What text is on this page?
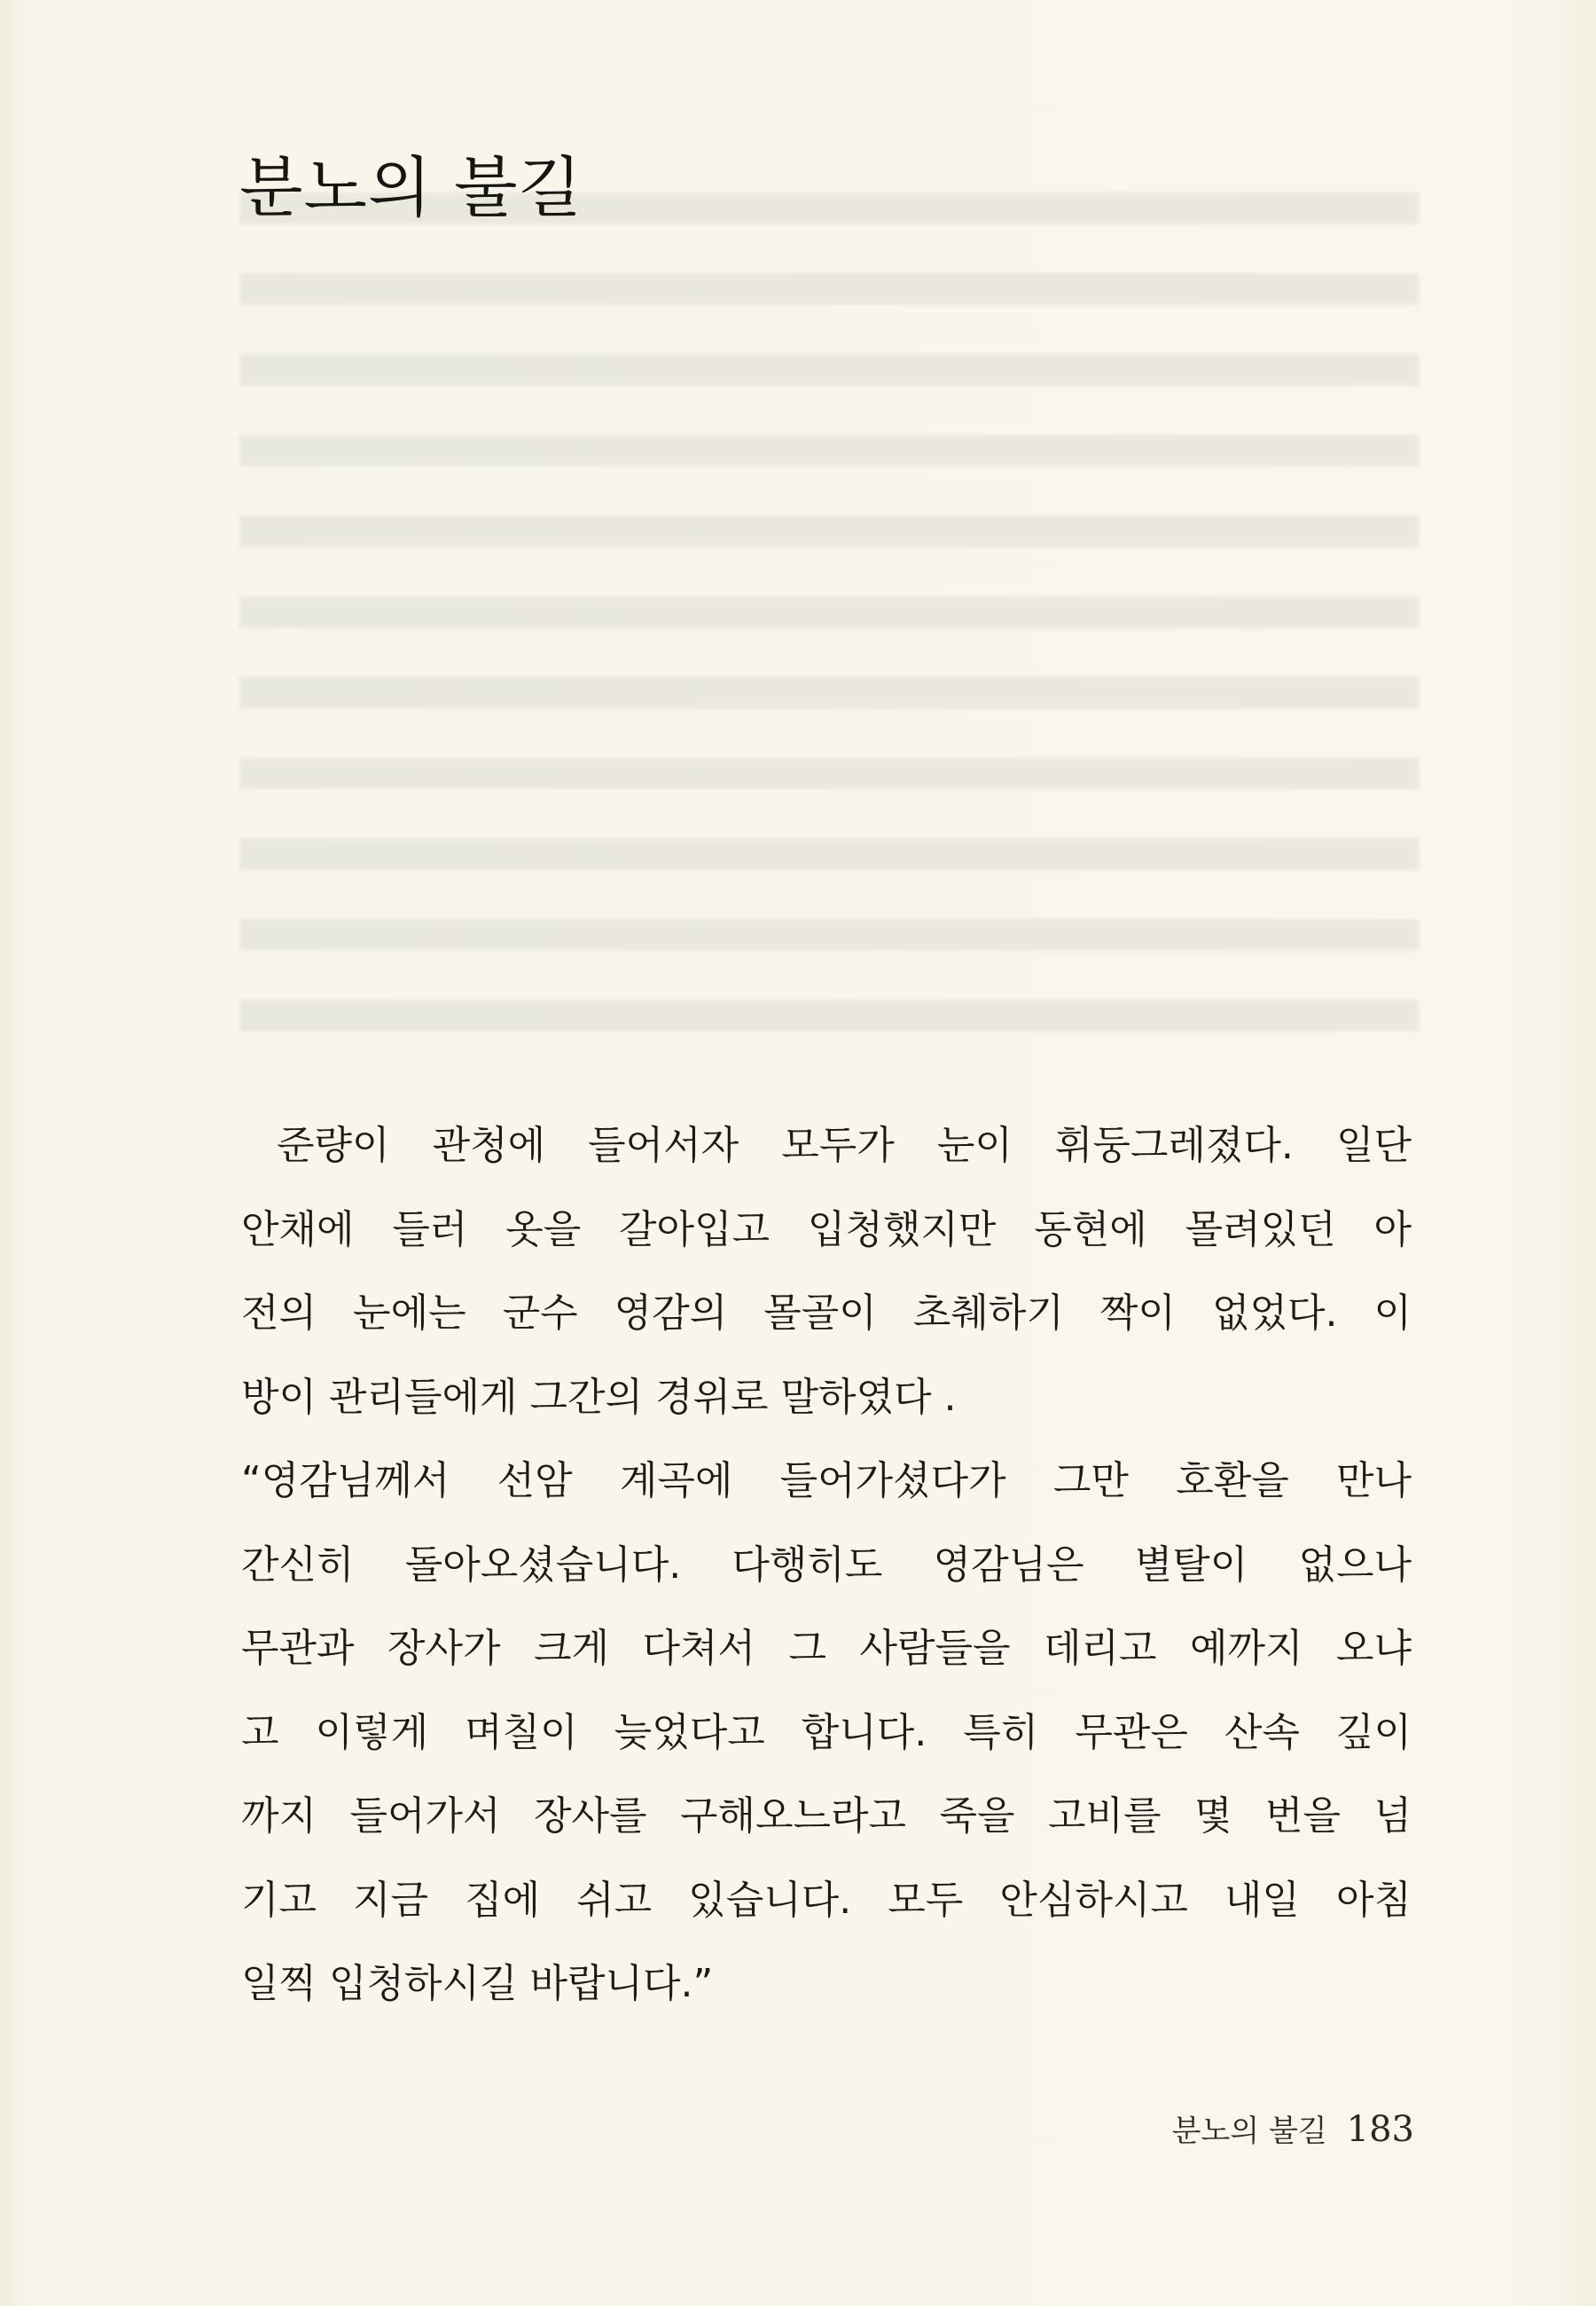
분노의 불길
준량이 관청에 들어서자 모두가 눈이 휘둥그레졌다. 일단
안채에 들러 옷을 갈아입고 입청했지만 동현에 몰려있던 아
전의 눈에는 군수 영감의 몰골이 초췌하기 짝이 없었다. 이
방이 관리들에게 그간의 경위로 말하였다 .
“영감님께서 선암 계곡에 들어가셨다가 그만 호환을 만나
간신히 돌아오셨습니다. 다행히도 영감님은 별탈이 없으나
무관과 장사가 크게 다쳐서 그 사람들을 데리고 예까지 오냐
고 이렇게 며칠이 늦었다고 합니다. 특히 무관은 산속 깊이
까지 들어가서 장사를 구해오느라고 죽을 고비를 몇 번을 넘
기고 지금 집에 쉬고 있습니다. 모두 안심하시고 내일 아침
일찍 입청하시길 바랍니다.”
분노의 불길 183
